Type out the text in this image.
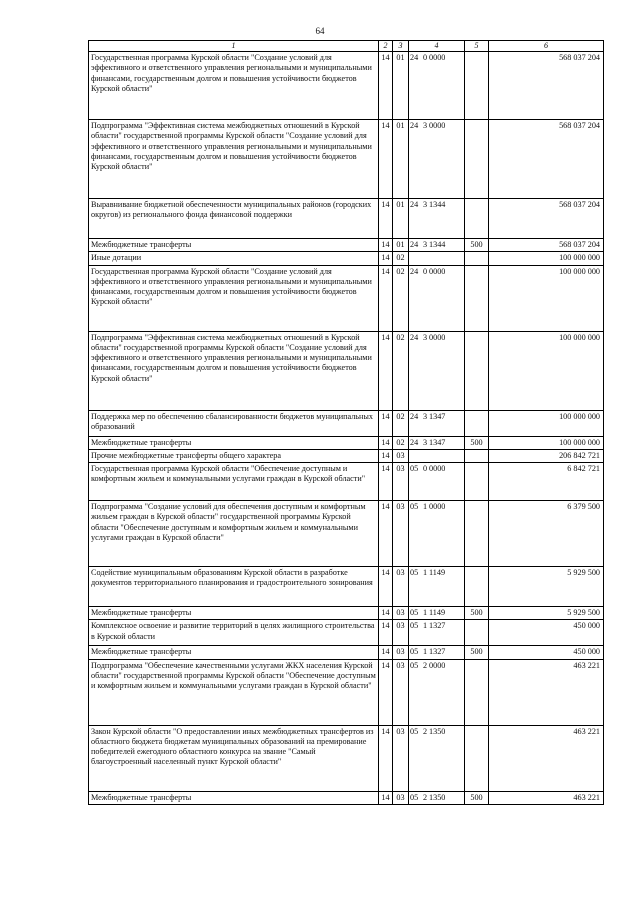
64
1	2	3	4	5	6
Государственная программа Курской области "Создание условий для эффективного и ответственного управления региональными и муниципальными финансами, государственным долгом и повышения устойчивости бюджетов Курской области"	14	01	24 0 0000		568 037 204
Подпрограмма "Эффективная система межбюджетных отношений в Курской области" государственной программы Курской области "Создание условий для эффективного и ответственного управления региональными и муниципальными финансами, государственным долгом и повышения устойчивости бюджетов Курской области"	14	01	24 3 0000		568 037 204
Выравнивание бюджетной обеспеченности муниципальных районов (городских округов) из регионального фонда финансовой поддержки	14	01	24 3 1344		568 037 204
Межбюджетные трансферты	14	01	24 3 1344	500	568 037 204
Иные дотации	14	02			100 000 000
Государственная программа Курской области "Создание условий для эффективного и ответственного управления региональными и муниципальными финансами, государственным долгом и повышения устойчивости бюджетов Курской области"	14	02	24 0 0000		100 000 000
Подпрограмма "Эффективная система межбюджетных отношений в Курской области" государственной программы Курской области "Создание условий для эффективного и ответственного управления региональными и муниципальными финансами, государственным долгом и повышения устойчивости бюджетов Курской области"	14	02	24 3 0000		100 000 000
Поддержка мер по обеспечению сбалансированности бюджетов муниципальных образований	14	02	24 3 1347		100 000 000
Межбюджетные трансферты	14	02	24 3 1347	500	100 000 000
Прочие межбюджетные трансферты общего характера	14	03			206 842 721
Государственная программа Курской области "Обеспечение доступным и комфортным жильем и коммунальными услугами граждан в Курской области"	14	03	05 0 0000		6 842 721
Подпрограмма "Создание условий для обеспечения доступным и комфортным жильем граждан в Курской области" государственной программы Курской области "Обеспечение доступным и комфортным жильем и коммунальными услугами граждан в Курской области"	14	03	05 1 0000		6 379 500
Содействие муниципальным образованиям Курской области в разработке документов территориального планирования и градостроительного зонирования	14	03	05 1 1149		5 929 500
Межбюджетные трансферты	14	03	05 1 1149	500	5 929 500
Комплексное освоение и развитие территорий в целях жилищного строительства в Курской области	14	03	05 1 1327		450 000
Межбюджетные трансферты	14	03	05 1 1327	500	450 000
Подпрограмма "Обеспечение качественными услугами ЖКХ населения Курской области" государственной программы Курской области "Обеспечение доступным и комфортным жильем и коммунальными услугами граждан в Курской области"	14	03	05 2 0000		463 221
Закон Курской области "О предоставлении иных межбюджетных трансфертов из областного бюджета бюджетам муниципальных образований на премирование победителей ежегодного областного конкурса на звание "Самый благоустроенный населенный пункт Курской области"	14	03	05 2 1350		463 221
Межбюджетные трансферты	14	03	05 2 1350	500	463 221
